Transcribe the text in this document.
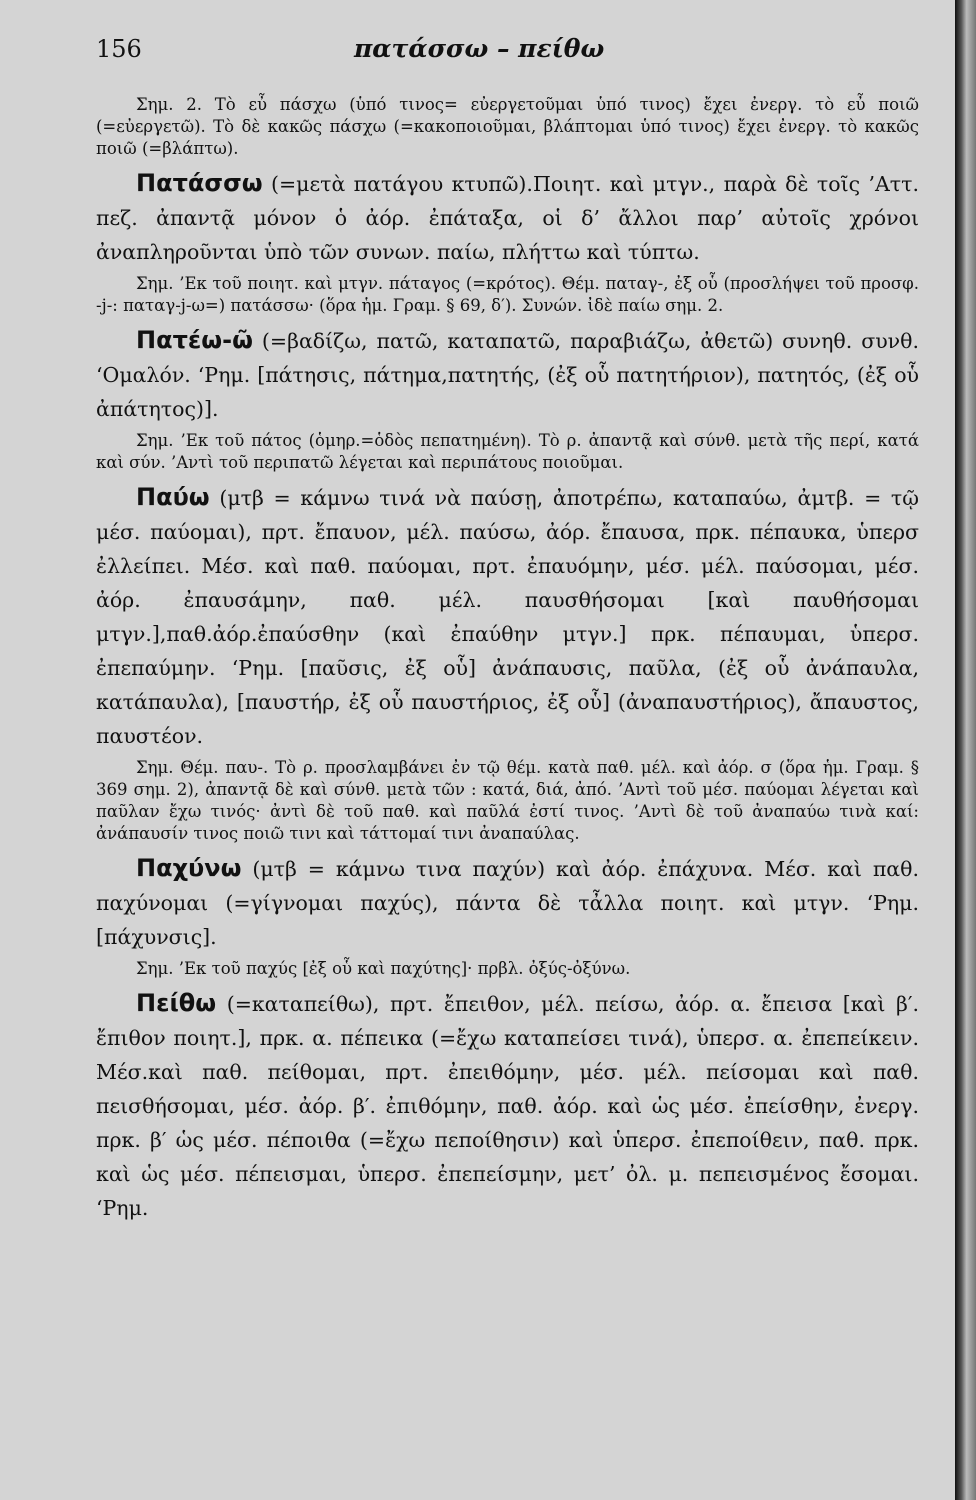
156	πατάσσω – πείθω

Σημ. 2. Τὸ εὖ πάσχω (ὑπό τινος= εὐεργετοῦμαι ὑπό τινος) ἔχει ἐνεργ. τὸ εὖ ποιῶ (=εὐεργετῶ). Τὸ δὲ κακῶς πάσχω (=κακοποιοῦμαι, βλάπτομαι ὑπό τινος) ἔχει ἐνεργ. τὸ κακῶς ποιῶ (=βλάπτω).

Πατάσσω (=μετὰ πατάγου κτυπῶ).Ποιητ. καὶ μτγν., παρὰ δὲ τοῖς ’Αττ. πεζ. ἀπαντᾷ μόνον ὁ ἀόρ. ἐπάταξα, οἱ δ’ ἄλλοι παρ’ αὐτοῖς χρόνοι ἀναπληροῦνται ὑπὸ τῶν συνων. παίω, πλήττω καὶ τύπτω.

Σημ. ’Εκ τοῦ ποιητ. καὶ μτγν. πάταγος (=κρότος). Θέμ. παταγ-, ἐξ οὗ (προσλήψει τοῦ προσφ. -j-: παταγ-j-ω=) πατάσσω· (ὅρα ἡμ. Γραμ. § 69, δ′). Συνών. ἰδὲ παίω σημ. 2.

Πατέω-ῶ (=βαδίζω, πατῶ, καταπατῶ, παραβιάζω, ἀθετῶ) συνηθ. συνθ. ‘Ομαλόν. ‘Ρημ. [πάτησις, πάτημα,πατητής, (ἐξ οὗ πατητήριον), πατητός, (ἐξ οὗ ἀπάτητος)].

Σημ. ’Εκ τοῦ πάτος (ὁμηρ.=ὁδὸς πεπατημένη). Τὸ ρ. ἀπαντᾷ καὶ σύνθ. μετὰ τῆς περί, κατά καὶ σύν. ’Αντὶ τοῦ περιπατῶ λέγεται καὶ περιπάτους ποιοῦμαι.

Παύω (μτβ = κάμνω τινά νὰ παύσῃ, ἀποτρέπω, καταπαύω, ἀμτβ. = τῷ μέσ. παύομαι), πρτ. ἔπαυον, μέλ. παύσω, ἀόρ. ἔπαυσα, πρκ. πέπαυκα, ὑπερσ ἐλλείπει. Μέσ. καὶ παθ. παύομαι, πρτ. ἐπαυόμην, μέσ. μέλ. παύσομαι, μέσ. ἀόρ. ἐπαυσάμην, παθ. μέλ. παυσθήσομαι [καὶ παυθήσομαι μτγν.],παθ.ἀόρ.ἐπαύσθην (καὶ ἐπαύθην μτγν.] πρκ. πέπαυμαι, ὑπερσ. ἐπεπαύμην. ‘Ρημ. [παῦσις, ἐξ οὗ] ἀνάπαυσις, παῦλα, (ἐξ οὗ ἀνάπαυλα, κατάπαυλα), [παυστήρ, ἐξ οὗ παυστήριος, ἐξ οὗ] (ἀναπαυστήριος), ἄπαυστος, παυστέον.

Σημ. Θέμ. παυ-. Τὸ ρ. προσλαμβάνει ἐν τῷ θέμ. κατὰ παθ. μέλ. καὶ ἀόρ. σ (ὅρα ἡμ. Γραμ. § 369 σημ. 2), ἀπαντᾷ δὲ καὶ σύνθ. μετὰ τῶν : κατά, διά, ἀπό. ’Αντὶ τοῦ μέσ. παύομαι λέγεται καὶ παῦλαν ἔχω τινός· ἀντὶ δὲ τοῦ παθ. καὶ παῦλά ἐστί τινος. ’Αντὶ δὲ τοῦ ἀναπαύω τινὰ καί: ἀνάπαυσίν τινος ποιῶ τινι καὶ τάττομαί τινι ἀναπαύλας.

Παχύνω (μτβ = κάμνω τινα παχύν) καὶ ἀόρ. ἐπάχυνα. Μέσ. καὶ παθ. παχύνομαι (=γίγνομαι παχύς), πάντα δὲ τἆλλα ποιητ. καὶ μτγν. ‘Ρημ. [πάχυνσις].

Σημ. ’Εκ τοῦ παχύς [ἐξ οὗ καὶ παχύτης]· πρβλ. ὀξύς-ὀξύνω.

Πείθω (=καταπείθω), πρτ. ἔπειθον, μέλ. πείσω, ἀόρ. α. ἔπεισα [καὶ β′. ἔπιθον ποιητ.], πρκ. α. πέπεικα (=ἔχω καταπείσει τινά), ὑπερσ. α. ἐπεπείκειν. Μέσ.καὶ παθ. πείθομαι, πρτ. ἐπειθόμην, μέσ. μέλ. πείσομαι καὶ παθ. πεισθήσομαι, μέσ. ἀόρ. β′. ἐπιθόμην, παθ. ἀόρ. καὶ ὡς μέσ. ἐπείσθην, ἐνεργ. πρκ. β′ ὡς μέσ. πέποιθα (=ἔχω πεποίθησιν) καὶ ὑπερσ. ἐπεποίθειν, παθ. πρκ. καὶ ὡς μέσ. πέπεισμαι, ὑπερσ. ἐπεπείσμην, μετ’ ὀλ. μ. πεπεισμένος ἔσομαι. ‘Ρημ.
